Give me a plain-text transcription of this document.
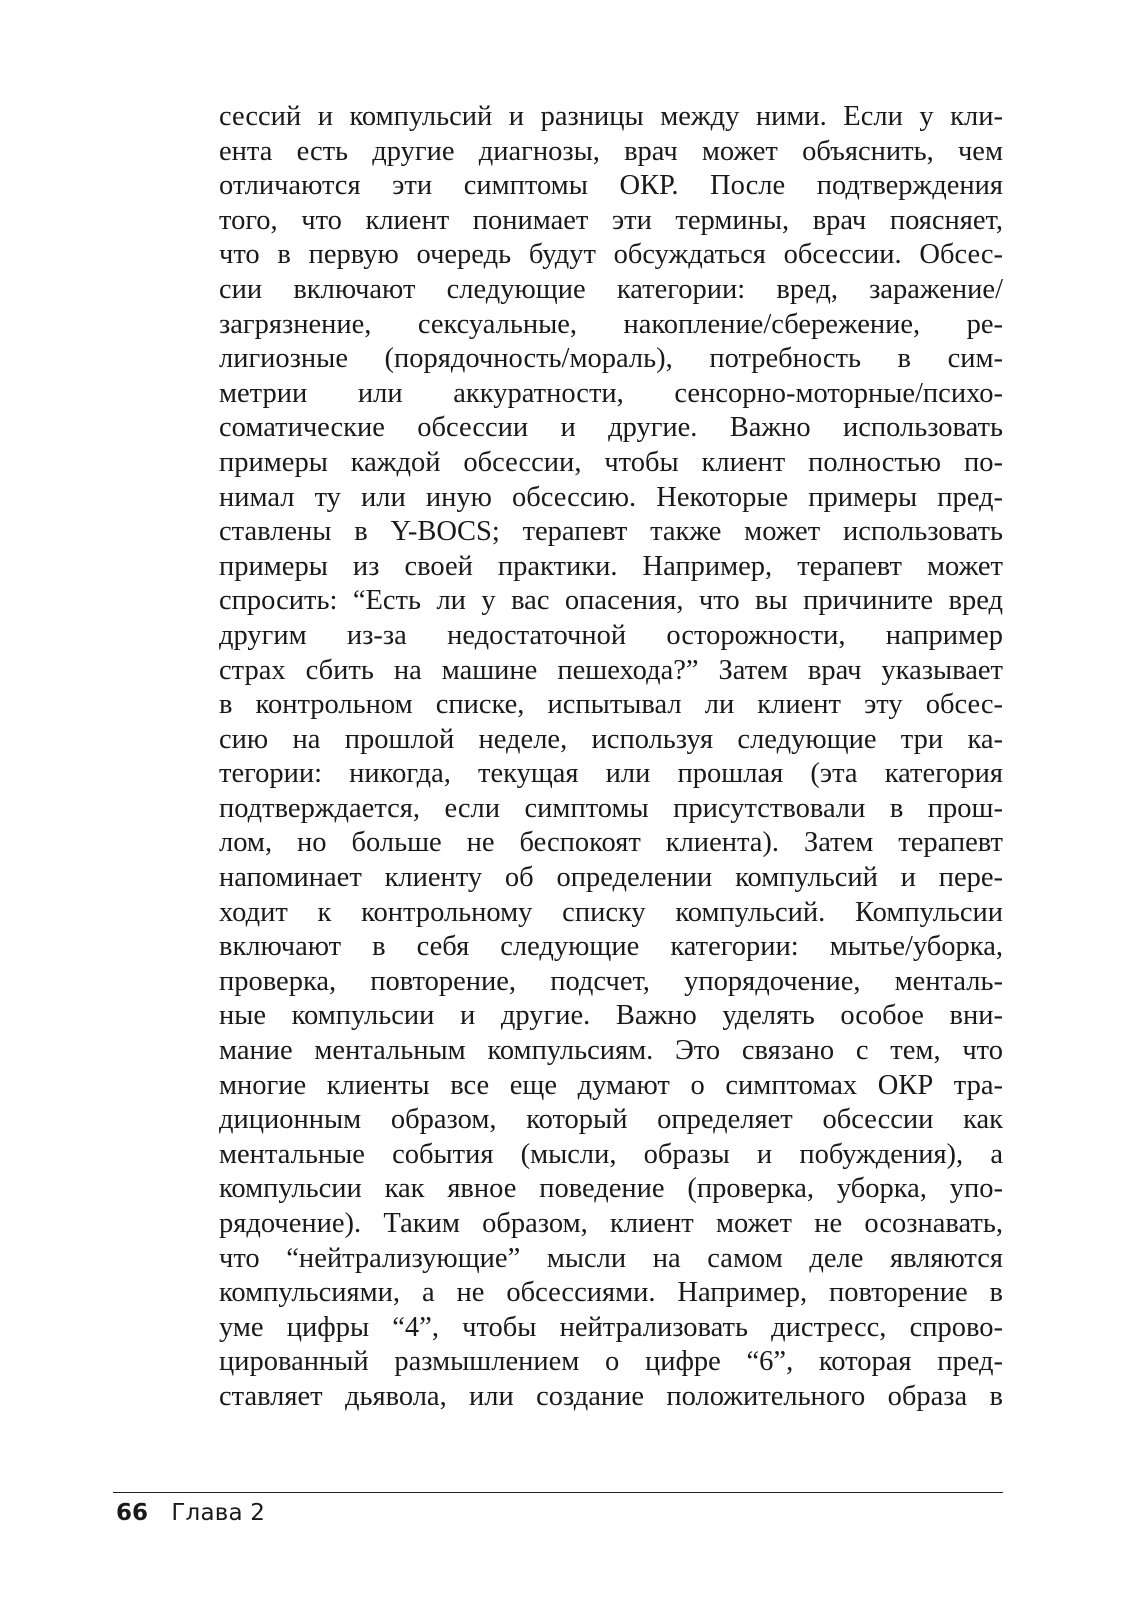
сессий и компульсий и разницы между ними. Если у кли-
ента есть другие диагнозы, врач может объяснить, чем
отличаются эти симптомы ОКР. После подтверждения
того, что клиент понимает эти термины, врач поясняет,
что в первую очередь будут обсуждаться обсессии. Обсес-
сии включают следующие категории: вред, заражение/
загрязнение, сексуальные, накопление/сбережение, ре-
лигиозные (порядочность/мораль), потребность в сим-
метрии или аккуратности, сенсорно-моторные/психо-
соматические обсессии и другие. Важно использовать
примеры каждой обсессии, чтобы клиент полностью по-
нимал ту или иную обсессию. Некоторые примеры пред-
ставлены в Y-BOCS; терапевт также может использовать
примеры из своей практики. Например, терапевт может
спросить: “Есть ли у вас опасения, что вы причините вред
другим из-за недостаточной осторожности, например
страх сбить на машине пешехода?” Затем врач указывает
в контрольном списке, испытывал ли клиент эту обсес-
сию на прошлой неделе, используя следующие три ка-
тегории: никогда, текущая или прошлая (эта категория
подтверждается, если симптомы присутствовали в прош-
лом, но больше не беспокоят клиента). Затем терапевт
напоминает клиенту об определении компульсий и пере-
ходит к контрольному списку компульсий. Компульсии
включают в себя следующие категории: мытье/уборка,
проверка, повторение, подсчет, упорядочение, менталь-
ные компульсии и другие. Важно уделять особое вни-
мание ментальным компульсиям. Это связано с тем, что
многие клиенты все еще думают о симптомах ОКР тра-
диционным образом, который определяет обсессии как
ментальные события (мысли, образы и побуждения), а
компульсии как явное поведение (проверка, уборка, упо-
рядочение). Таким образом, клиент может не осознавать,
что “нейтрализующие” мысли на самом деле являются
компульсиями, а не обсессиями. Например, повторение в
уме цифры “4”, чтобы нейтрализовать дистресс, спрово-
цированный размышлением о цифре “6”, которая пред-
ставляет дьявола, или создание положительного образа в
66 Глава 2
